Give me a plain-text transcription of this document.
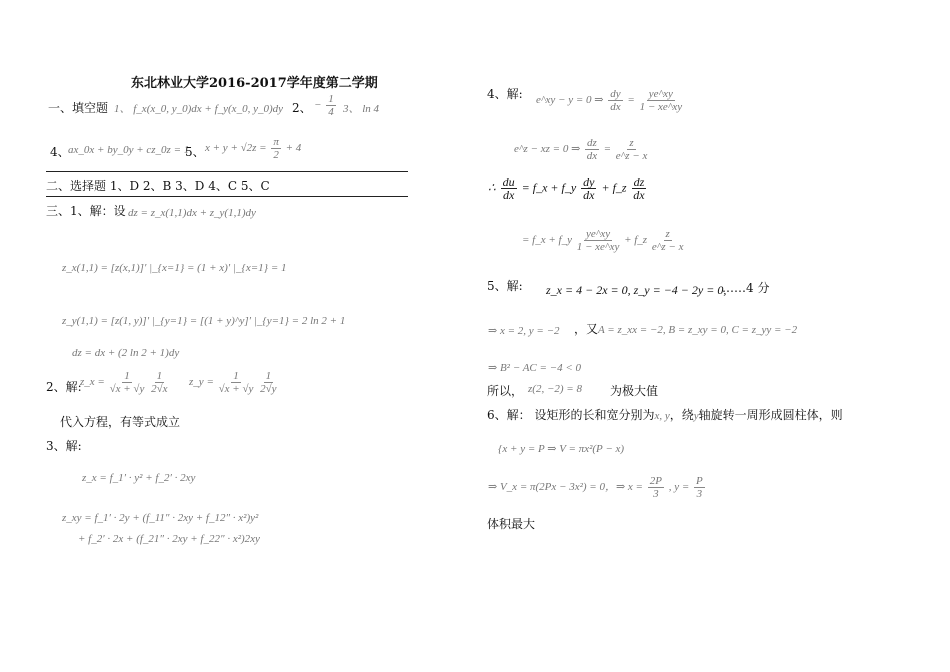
东北林业大学2016-2017学年度第二学期
一、填空题 1、 f_x(x_0, y_0)dx + f_y(x_0, y_0)dy 2、 − $\frac{1}{4} 3$、 ln 4
4、
ax_0x + by_0y + cz_0z = 1
5、 $x + y + √2z = \frac{\pi}{2} + 4$
二、选择题 1、D 2、B 3、D 4、C 5、C
三、1、解：设 dz = z_x(1,1)dx + z_y(1,1)dy
z_x(1,1) = [z(x,1)]′ |_{x=1} = (1 + x)′ |_{x=1} = 1
z_y(1,1) = [z(1, y)]′ |_{y=1} = [(1 + y)^y]′ |_{y=1} = 2 ln 2 + 1
dz = dx + (2 ln 2 + 1)dy
2、解:
z_x = $\frac{1}{√x + √y}$
$\frac{1}{2√x}$ z_y = $\frac{1}{√x + √y}$
$\frac{1}{2√y}$
代入方程，有等式成立
3、解:
z_x = f_1′ · y² + f_2′ · 2xy
z_xy = f_1′ · 2y + (f_11″ · 2xy + f_12″ · x²)y²
+ f_2′ · 2x + (f_21″ · 2xy + f_22″ · x²)2xy
4、解: e^xy − y = 0 ⇒ $\frac{dy}{dx} = \frac{ye\^{}xy}{1 - xe\^{}xy}$
e^z − xz = 0 ⇒ $\frac{dz}{dx} = \frac{z}{e\^{}z - x}$
∴ $\frac{du}{dx}$ = f_x + f_y $\frac{dy}{dx}$ + f_z $\frac{dz}{dx}$
= f_x + f_y $\frac{ye\^{}xy}{1 - xe\^{}xy}$ + f_z $\frac{z}{e\^{}z - x}$
5、解: z_x = 4 − 2x = 0, z_y = −4 − 2y = 0,
……4 分
⇒ x = 2, y = −2 ，又 A = z_xx = −2, B = z_xy = 0, C = z_yy = −2
⇒ B² − AC = −4 < 0
所以， z(2, −2) = 8 为极大值
6、解： 设矩形的长和宽分别为x, y，绕y轴旋转一周形成圆柱体，则
{x + y = P ⇒ V = πx²(P − x)
⇒ V_x = π(2Px − 3x²) = 0，⇒ $x = \frac{2P}{3}$ , $y = \frac{P}{3}$
体积最大
